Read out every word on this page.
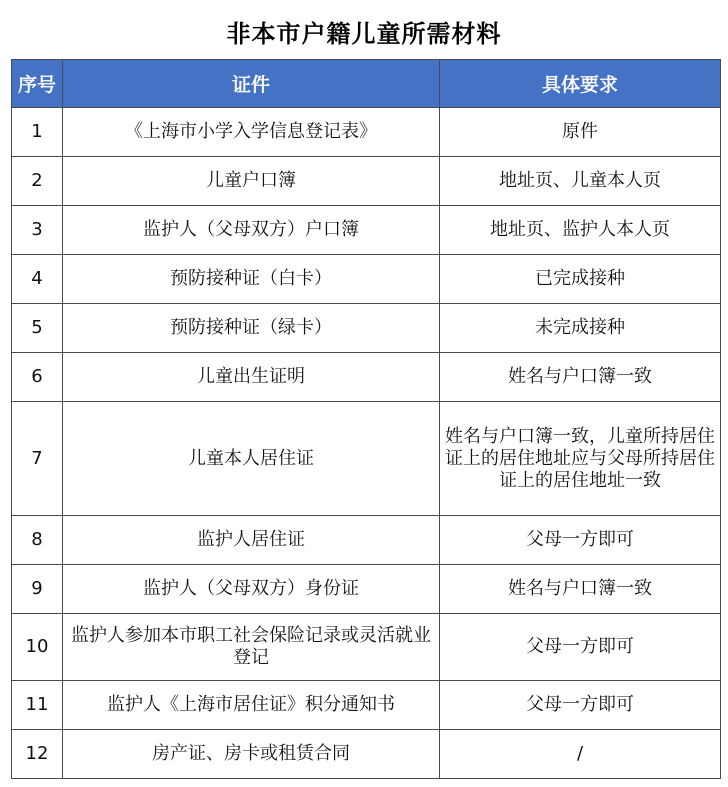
非本市户籍儿童所需材料
序号	证件	具体要求
1	《上海市小学入学信息登记表》	原件
2	儿童户口簿	地址页、儿童本人页
3	监护人（父母双方）户口簿	地址页、监护人本人页
4	预防接种证（白卡）	已完成接种
5	预防接种证（绿卡）	未完成接种
6	儿童出生证明	姓名与户口簿一致
7	儿童本人居住证	姓名与户口簿一致，儿童所持居住证上的居住地址应与父母所持居住证上的居住地址一致
8	监护人居住证	父母一方即可
9	监护人（父母双方）身份证	姓名与户口簿一致
10	监护人参加本市职工社会保险记录或灵活就业登记	父母一方即可
11	监护人《上海市居住证》积分通知书	父母一方即可
12	房产证、房卡或租赁合同	/
